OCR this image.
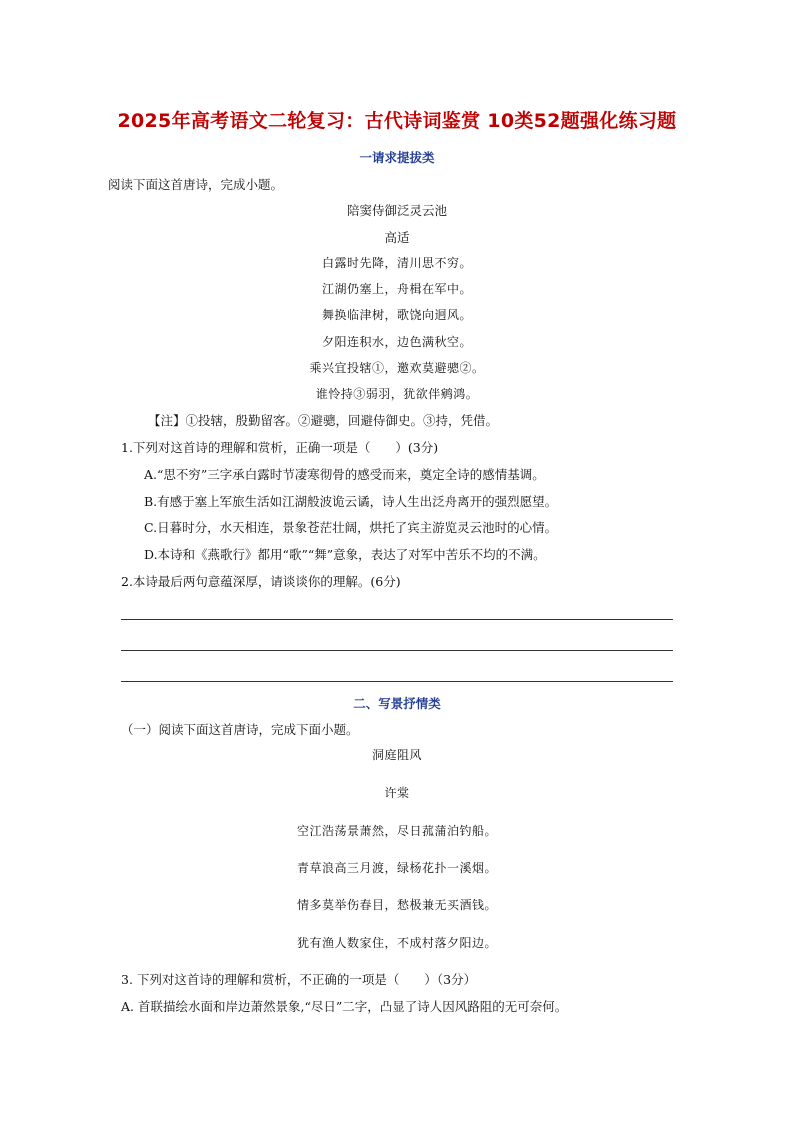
2025年高考语文二轮复习：古代诗词鉴赏 10类52题强化练习题
一请求提拔类
阅读下面这首唐诗，完成小题。
陪窦侍御泛灵云池
高适
白露时先降，清川思不穷。
江湖仍塞上，舟楫在军中。
舞换临津树，歌饶向迥风。
夕阳连积水，边色满秋空。
乘兴宜投辖①，邀欢莫避骢②。
谁怜持③弱羽，犹欲伴鹓鸿。
【注】①投辖，殷勤留客。②避骢，回避侍御史。③持，凭借。
1.下列对这首诗的理解和赏析，正确一项是（　　）(3分)
A.“思不穷”三字承白露时节凄寒彻骨的感受而来，奠定全诗的感情基调。
B.有感于塞上军旅生活如江湖般波诡云谲，诗人生出泛舟离开的强烈愿望。
C.日暮时分，水天相连，景象苍茫壮阔，烘托了宾主游览灵云池时的心情。
D.本诗和《燕歌行》都用“歌”“舞”意象，表达了对军中苦乐不均的不满。
2.本诗最后两句意蕴深厚，请谈谈你的理解。(6分)
二、写景抒情类
（一）阅读下面这首唐诗，完成下面小题。
洞庭阻风
许棠
空江浩荡景萧然，尽日菰蒲泊钓船。
青草浪高三月渡，绿杨花扑一溪烟。
情多莫举伤春目，愁极兼无买酒钱。
犹有渔人数家住，不成村落夕阳边。
3. 下列对这首诗的理解和赏析，不正确的一项是（　　）（3分）
A. 首联描绘水面和岸边萧然景象,“尽日”二字，凸显了诗人因风路阻的无可奈何。
